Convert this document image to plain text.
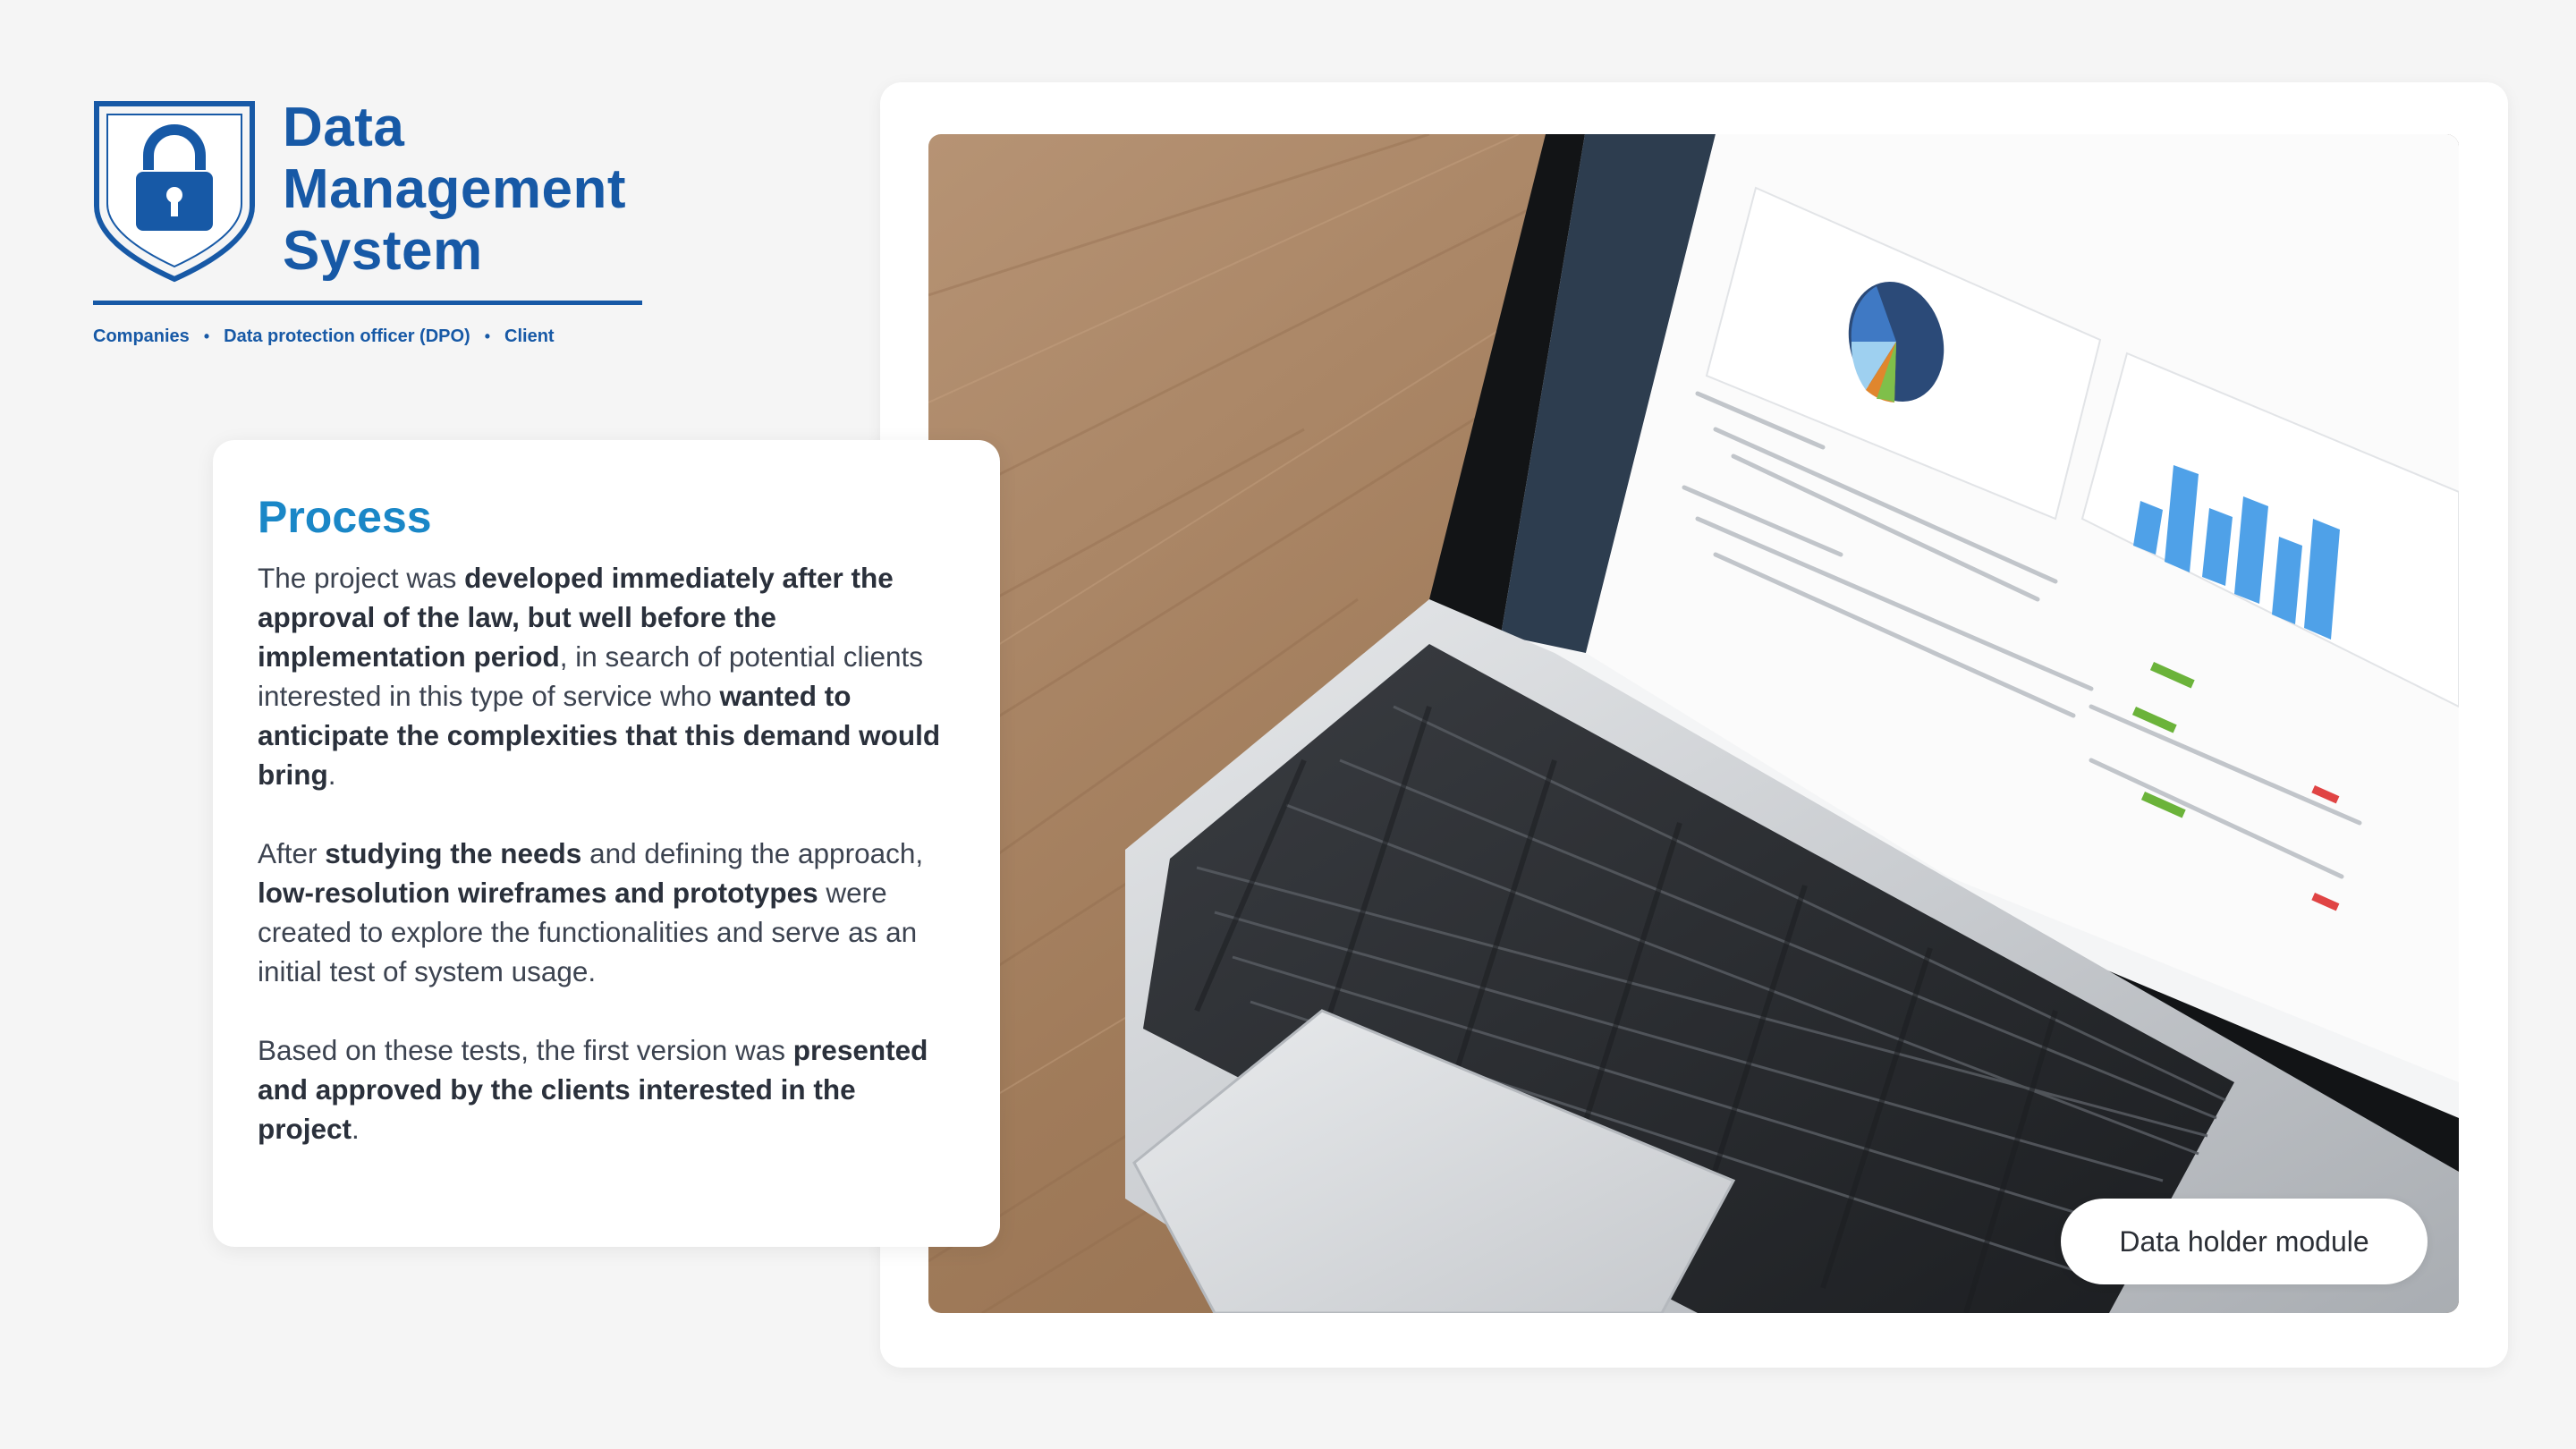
Data
Management
System
Companies • Data protection officer (DPO) • Client
Data holder module
Process

The project was developed immediately after the approval of the law, but well before the implementation period, in search of potential clients interested in this type of service who wanted to anticipate the complexities that this demand would bring.

After studying the needs and defining the approach, low-resolution wireframes and prototypes were created to explore the functionalities and serve as an initial test of system usage.

Based on these tests, the first version was presented and approved by the clients interested in the project.
